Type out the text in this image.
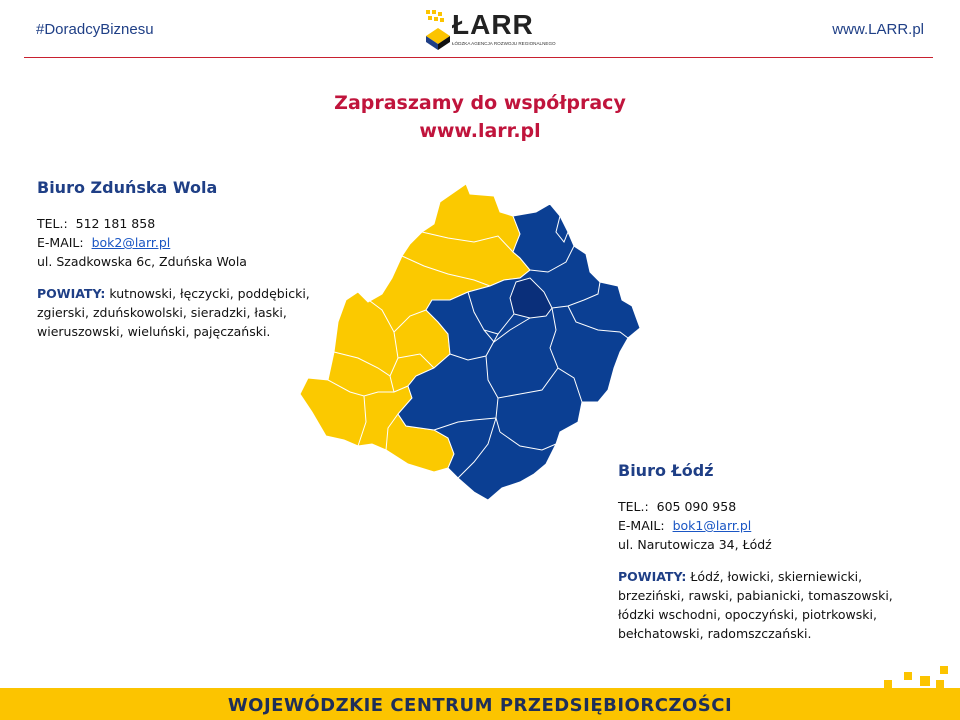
#DoradcyBiznesu	www.LARR.pl
ŁARR
ŁÓDZKA AGENCJA ROZWOJU REGIONALNEGO
Zapraszamy do współpracy
www.larr.pl
Biuro Zduńska Wola
TEL.: 512 181 858
E-MAIL: bok2@larr.pl
ul. Szadkowska 6c, Zduńska Wola
POWIATY: kutnowski, łęczycki, poddębicki, zgierski, zduńskowolski, sieradzki, łaski, wieruszowski, wieluński, pajęczański.
Biuro Łódź
TEL.: 605 090 958
E-MAIL: bok1@larr.pl
ul. Narutowicza 34, Łódź
POWIATY: Łódź, łowicki, skierniewicki, brzeziński, rawski, pabianicki, tomaszowski, łódzki wschodni, opoczyński, piotrkowski, bełchatowski, radomszczański.
WOJEWÓDZKIE CENTRUM PRZEDSIĘBIORCZOŚCI
